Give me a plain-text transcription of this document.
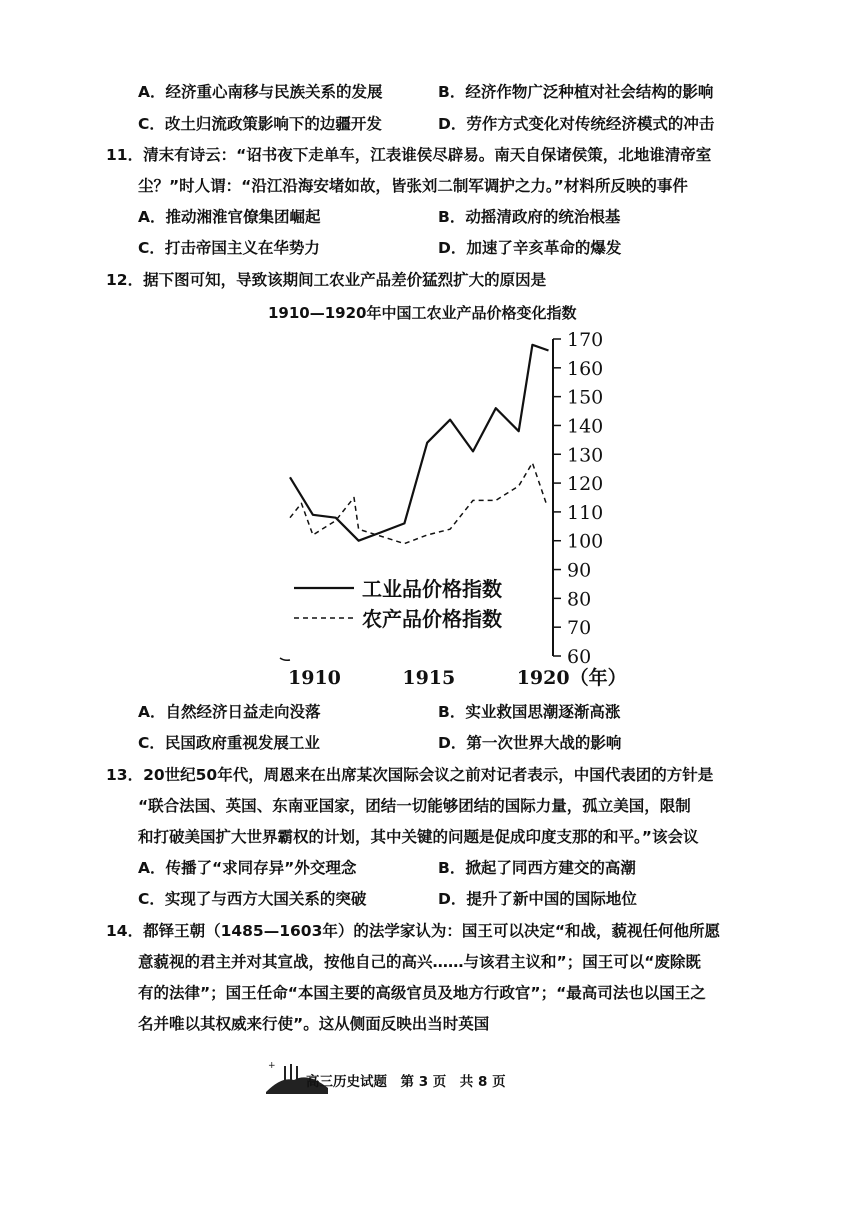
A．经济重心南移与民族关系的发展	B．经济作物广泛种植对社会结构的影响
C．改土归流政策影响下的边疆开发	D．劳作方式变化对传统经济模式的冲击
11．清末有诗云：“诏书夜下走单车，江表谁侯尽辟易。南天自保诸侯策，北地谁清帝室
尘？”时人谓：“沿江沿海安堵如故，皆张刘二制军调护之力。”材料所反映的事件
A．推动湘淮官僚集团崛起	B．动摇清政府的统治根基
C．打击帝国主义在华势力	D．加速了辛亥革命的爆发
12．据下图可知，导致该期间工农业产品差价猛烈扩大的原因是
1910—1920年中国工农业产品价格变化指数
60
70
80
90
100
110
120
130
140
150
160
170
1910	1915	1920（年）
工业品价格指数
农产品价格指数
A．自然经济日益走向没落	B．实业救国思潮逐渐高涨
C．民国政府重视发展工业	D．第一次世界大战的影响
13．20世纪50年代，周恩来在出席某次国际会议之前对记者表示，中国代表团的方针是
“联合法国、英国、东南亚国家，团结一切能够团结的国际力量，孤立美国，限制
和打破美国扩大世界霸权的计划，其中关键的问题是促成印度支那的和平。”该会议
A．传播了“求同存异”外交理念	B．掀起了同西方建交的高潮
C．实现了与西方大国关系的突破	D．提升了新中国的国际地位
14．都铎王朝（1485—1603年）的法学家认为：国王可以决定“和战，藐视任何他所愿
意藐视的君主并对其宣战，按他自己的高兴……与该君主议和”；国王可以“废除既
有的法律”；国王任命“本国主要的高级官员及地方行政官”；“最高司法也以国王之
名并唯以其权威来行使”。这从侧面反映出当时英国
+
高三历史试题　第 3 页　共 8 页
